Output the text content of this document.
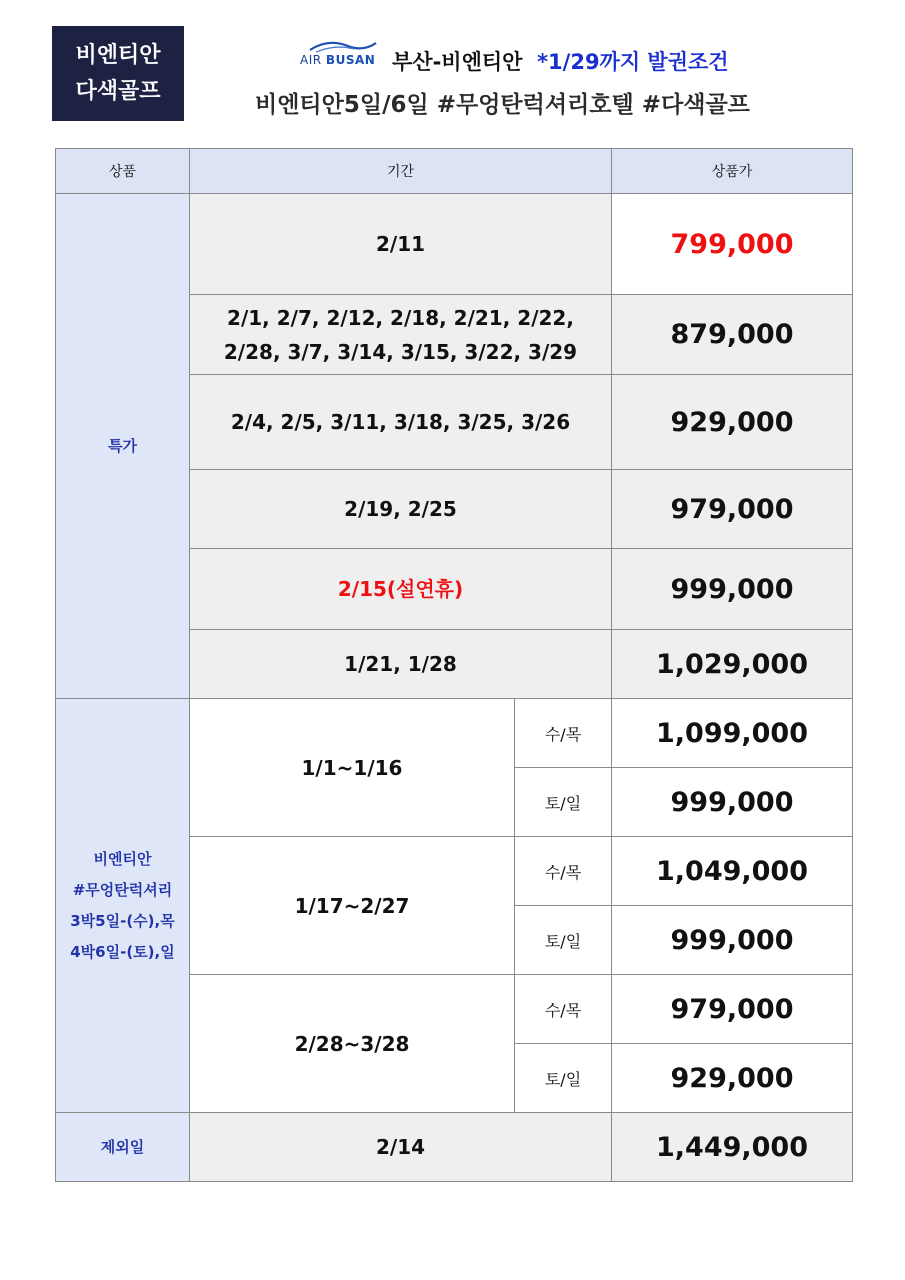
비엔티안
다색골프
AIR BUSAN 부산-비엔티안 *1/29까지 발권조건
비엔티안5일/6일 #무엉탄럭셔리호텔 #다색골프
상품	기간		상품가
특가	2/11		799,000

	2/1, 2/7, 2/12, 2/18, 2/21, 2/22,
2/28, 3/7, 3/14, 3/15, 3/22, 3/29		879,000
	2/4, 2/5, 3/11, 3/18, 3/25, 3/26		929,000
	2/19, 2/25		979,000
	2/15(설연휴)		999,000
	1/21, 1/28		1,029,000

비엔티안
#무엉탄럭셔리
3박5일-(수),목
4박6일-(토),일	1/1~1/16	수/목	1,099,000
		토/일	999,000
	1/17~2/27	수/목	1,049,000
		토/일	999,000
	2/28~3/28	수/목	979,000
		토/일	929,000
제외일	2/14		1,449,000
